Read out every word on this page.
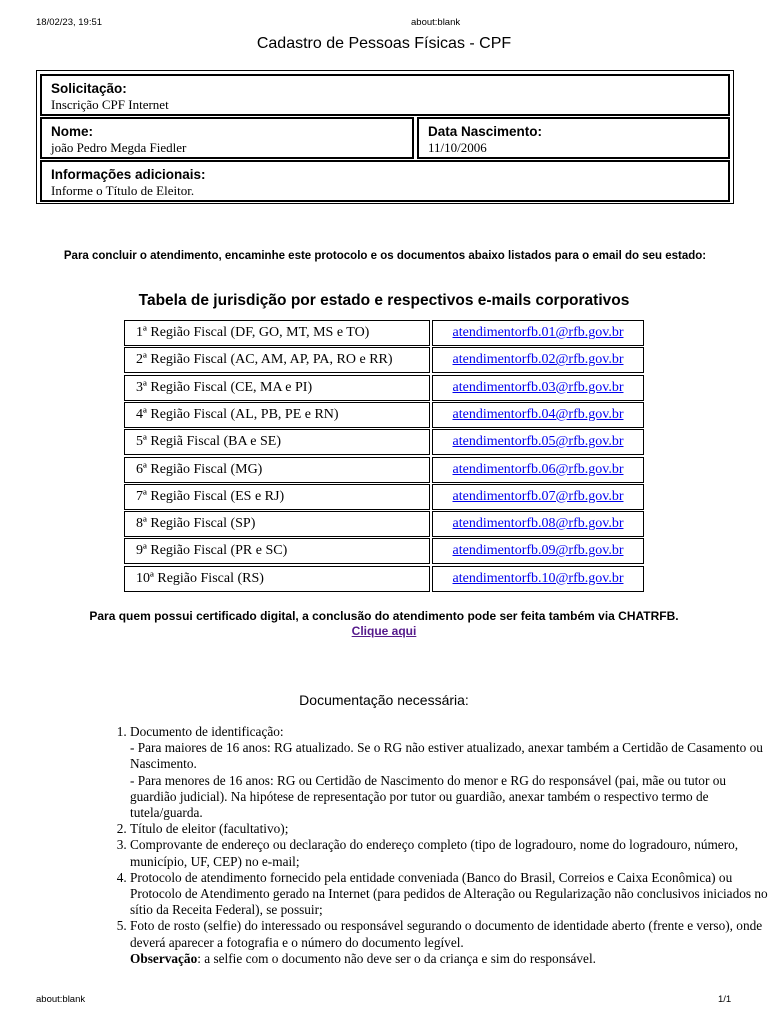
18/02/23, 19:51	about:blank
Cadastro de Pessoas Físicas - CPF
Solicitação:
Inscrição CPF Internet
Nome:
joão Pedro Megda Fiedler
Data Nascimento:
11/10/2006
Informações adicionais:
Informe o Título de Eleitor.
Para concluir o atendimento, encaminhe este protocolo e os documentos abaixo listados para o email do seu estado:
Tabela de jurisdição por estado e respectivos e-mails corporativos
1ª Região Fiscal (DF, GO, MT, MS e TO)	atendimentorfb.01@rfb.gov.br
2ª Região Fiscal (AC, AM, AP, PA, RO e RR)	atendimentorfb.02@rfb.gov.br
3ª Região Fiscal (CE, MA e PI)	atendimentorfb.03@rfb.gov.br
4ª Região Fiscal (AL, PB, PE e RN)	atendimentorfb.04@rfb.gov.br
5ª Regiã Fiscal (BA e SE)	atendimentorfb.05@rfb.gov.br
6ª Região Fiscal (MG)	atendimentorfb.06@rfb.gov.br
7ª Região Fiscal (ES e RJ)	atendimentorfb.07@rfb.gov.br
8ª Região Fiscal (SP)	atendimentorfb.08@rfb.gov.br
9ª Região Fiscal (PR e SC)	atendimentorfb.09@rfb.gov.br
10ª Região Fiscal (RS)	atendimentorfb.10@rfb.gov.br
Para quem possui certificado digital, a conclusão do atendimento pode ser feita também via CHATRFB.
Clique aqui
Documentação necessária:
1. Documento de identificação:
- Para maiores de 16 anos: RG atualizado. Se o RG não estiver atualizado, anexar também a Certidão de Casamento ou Nascimento.
- Para menores de 16 anos: RG ou Certidão de Nascimento do menor e RG do responsável (pai, mãe ou tutor ou guardião judicial). Na hipótese de representação por tutor ou guardião, anexar também o respectivo termo de tutela/guarda.
2. Título de eleitor (facultativo);
3. Comprovante de endereço ou declaração do endereço completo (tipo de logradouro, nome do logradouro, número, município, UF, CEP) no e-mail;
4. Protocolo de atendimento fornecido pela entidade conveniada (Banco do Brasil, Correios e Caixa Econômica) ou Protocolo de Atendimento gerado na Internet (para pedidos de Alteração ou Regularização não conclusivos iniciados no sítio da Receita Federal), se possuir;
5. Foto de rosto (selfie) do interessado ou responsável segurando o documento de identidade aberto (frente e verso), onde deverá aparecer a fotografia e o número do documento legível.
Observação: a selfie com o documento não deve ser o da criança e sim do responsável.
about:blank	1/1
